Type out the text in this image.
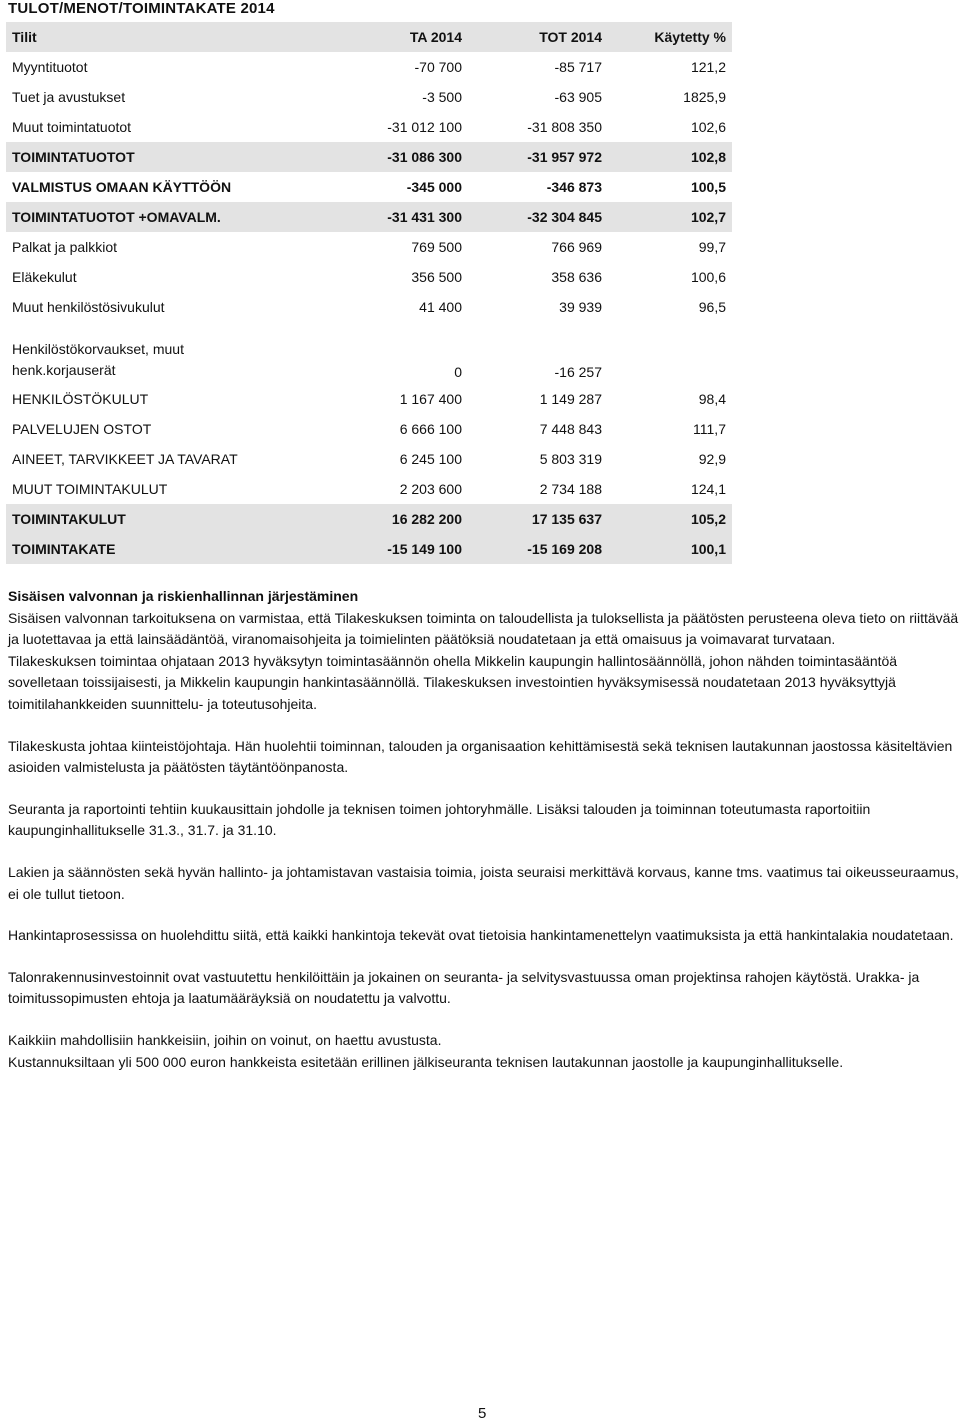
TULOT/MENOT/TOIMINTAKATE 2014
Tilit	TA 2014	TOT 2014	Käytetty %
Myyntituotot	-70 700	-85 717	121,2
Tuet ja avustukset	-3 500	-63 905	1825,9
Muut toimintatuotot	-31 012 100	-31 808 350	102,6
TOIMINTATUOTOT	-31 086 300	-31 957 972	102,8
VALMISTUS OMAAN KÄYTTÖÖN	-345 000	-346 873	100,5
TOIMINTATUOTOT +OMAVALM.	-31 431 300	-32 304 845	102,7
Palkat ja palkkiot	769 500	766 969	99,7
Eläkekulut	356 500	358 636	100,6
Muut henkilöstösivukulut	41 400	39 939	96,5
Henkilöstökorvaukset, muut henk.korjauserät	0	-16 257	
HENKILÖSTÖKULUT	1 167 400	1 149 287	98,4
PALVELUJEN OSTOT	6 666 100	7 448 843	111,7
AINEET, TARVIKKEET JA TAVARAT	6 245 100	5 803 319	92,9
MUUT TOIMINTAKULUT	2 203 600	2 734 188	124,1
TOIMINTAKULUT	16 282 200	17 135 637	105,2
TOIMINTAKATE	-15 149 100	-15 169 208	100,1

Sisäisen valvonnan ja riskienhallinnan järjestäminen

Sisäisen valvonnan tarkoituksena on varmistaa, että Tilakeskuksen toiminta on taloudellista ja tuloksellista ja päätösten perusteena oleva tieto on riittävää ja luotettavaa ja että lainsäädäntöä, viranomaisohjeita ja toimielinten päätöksiä noudatetaan ja että omaisuus ja voimavarat turvataan.

Tilakeskuksen toimintaa ohjataan 2013 hyväksytyn toimintasäännön ohella Mikkelin kaupungin hallintosäännöllä, johon nähden toimintasääntöä sovelletaan toissijaisesti, ja Mikkelin kaupungin hankintasäännöllä. Tilakeskuksen investointien hyväksymisessä noudatetaan 2013 hyväksyttyjä toimitilahankkeiden suunnittelu- ja toteutusohjeita.

Tilakeskusta johtaa kiinteistöjohtaja. Hän huolehtii toiminnan, talouden ja organisaation kehittämisestä sekä teknisen lautakunnan jaostossa käsiteltävien asioiden valmistelusta ja päätösten täytäntöönpanosta.

Seuranta ja raportointi tehtiin kuukausittain johdolle ja teknisen toimen johtoryhmälle. Lisäksi talouden ja toiminnan toteutumasta raportoitiin kaupunginhallitukselle 31.3., 31.7. ja 31.10.

Lakien ja säännösten sekä hyvän hallinto- ja johtamistavan vastaisia toimia, joista seuraisi merkittävä korvaus, kanne tms. vaatimus tai oikeusseuraamus, ei ole tullut tietoon.

Hankintaprosessissa on huolehdittu siitä, että kaikki hankintoja tekevät ovat tietoisia hankintamenettelyn vaatimuksista ja että hankintalakia noudatetaan.

Talonrakennusinvestoinnit ovat vastuutettu henkilöittäin ja jokainen on seuranta- ja selvitysvastuussa oman projektinsa rahojen käytöstä. Urakka- ja toimitussopimusten ehtoja ja laatumääräyksiä on noudatettu ja valvottu.

Kaikkiin mahdollisiin hankkeisiin, joihin on voinut, on haettu avustusta.

Kustannuksiltaan yli 500 000 euron hankkeista esitetään erillinen jälkiseuranta teknisen lautakunnan jaostolle ja kaupunginhallitukselle.

5
